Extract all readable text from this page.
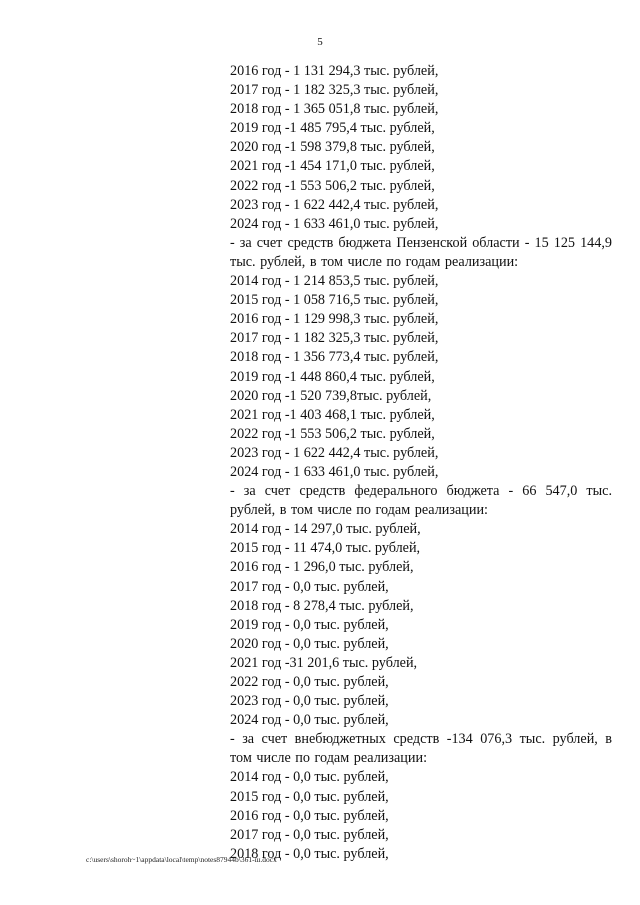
5
2016 год - 1 131 294,3 тыс. рублей,
2017 год - 1 182 325,3 тыс. рублей,
2018 год - 1 365 051,8 тыс. рублей,
2019 год -1 485 795,4 тыс. рублей,
2020 год -1 598 379,8 тыс. рублей,
2021 год -1 454 171,0 тыс. рублей,
2022 год -1 553 506,2 тыс. рублей,
2023 год - 1 622 442,4 тыс. рублей,
2024 год - 1 633 461,0 тыс. рублей,
- за счет средств бюджета Пензенской области - 15 125 144,9 тыс. рублей, в том числе по годам реализации:
2014 год - 1 214 853,5 тыс. рублей,
2015 год - 1 058 716,5 тыс. рублей,
2016 год - 1 129 998,3 тыс. рублей,
2017 год - 1 182 325,3 тыс. рублей,
2018 год - 1 356 773,4 тыс. рублей,
2019 год -1 448 860,4 тыс. рублей,
2020 год -1 520 739,8тыс. рублей,
2021 год -1 403 468,1 тыс. рублей,
2022 год -1 553 506,2 тыс. рублей,
2023 год - 1 622 442,4 тыс. рублей,
2024 год - 1 633 461,0 тыс. рублей,
- за счет средств федерального бюджета - 66 547,0 тыс. рублей, в том числе по годам реализации:
2014 год - 14 297,0 тыс. рублей,
2015 год - 11 474,0 тыс. рублей,
2016 год - 1 296,0 тыс. рублей,
2017 год - 0,0 тыс. рублей,
2018 год - 8 278,4 тыс. рублей,
2019 год - 0,0 тыс. рублей,
2020 год - 0,0 тыс. рублей,
2021 год -31 201,6 тыс. рублей,
2022 год - 0,0 тыс. рублей,
2023 год - 0,0 тыс. рублей,
2024 год - 0,0 тыс. рублей,
- за счет внебюджетных средств -134 076,3 тыс. рублей, в том числе по годам реализации:
2014 год - 0,0 тыс. рублей,
2015 год - 0,0 тыс. рублей,
2016 год - 0,0 тыс. рублей,
2017 год - 0,0 тыс. рублей,
2018 год - 0,0 тыс. рублей,
c:\users\shoroh~1\appdata\local\temp\notes87944b\361-ш.docx
